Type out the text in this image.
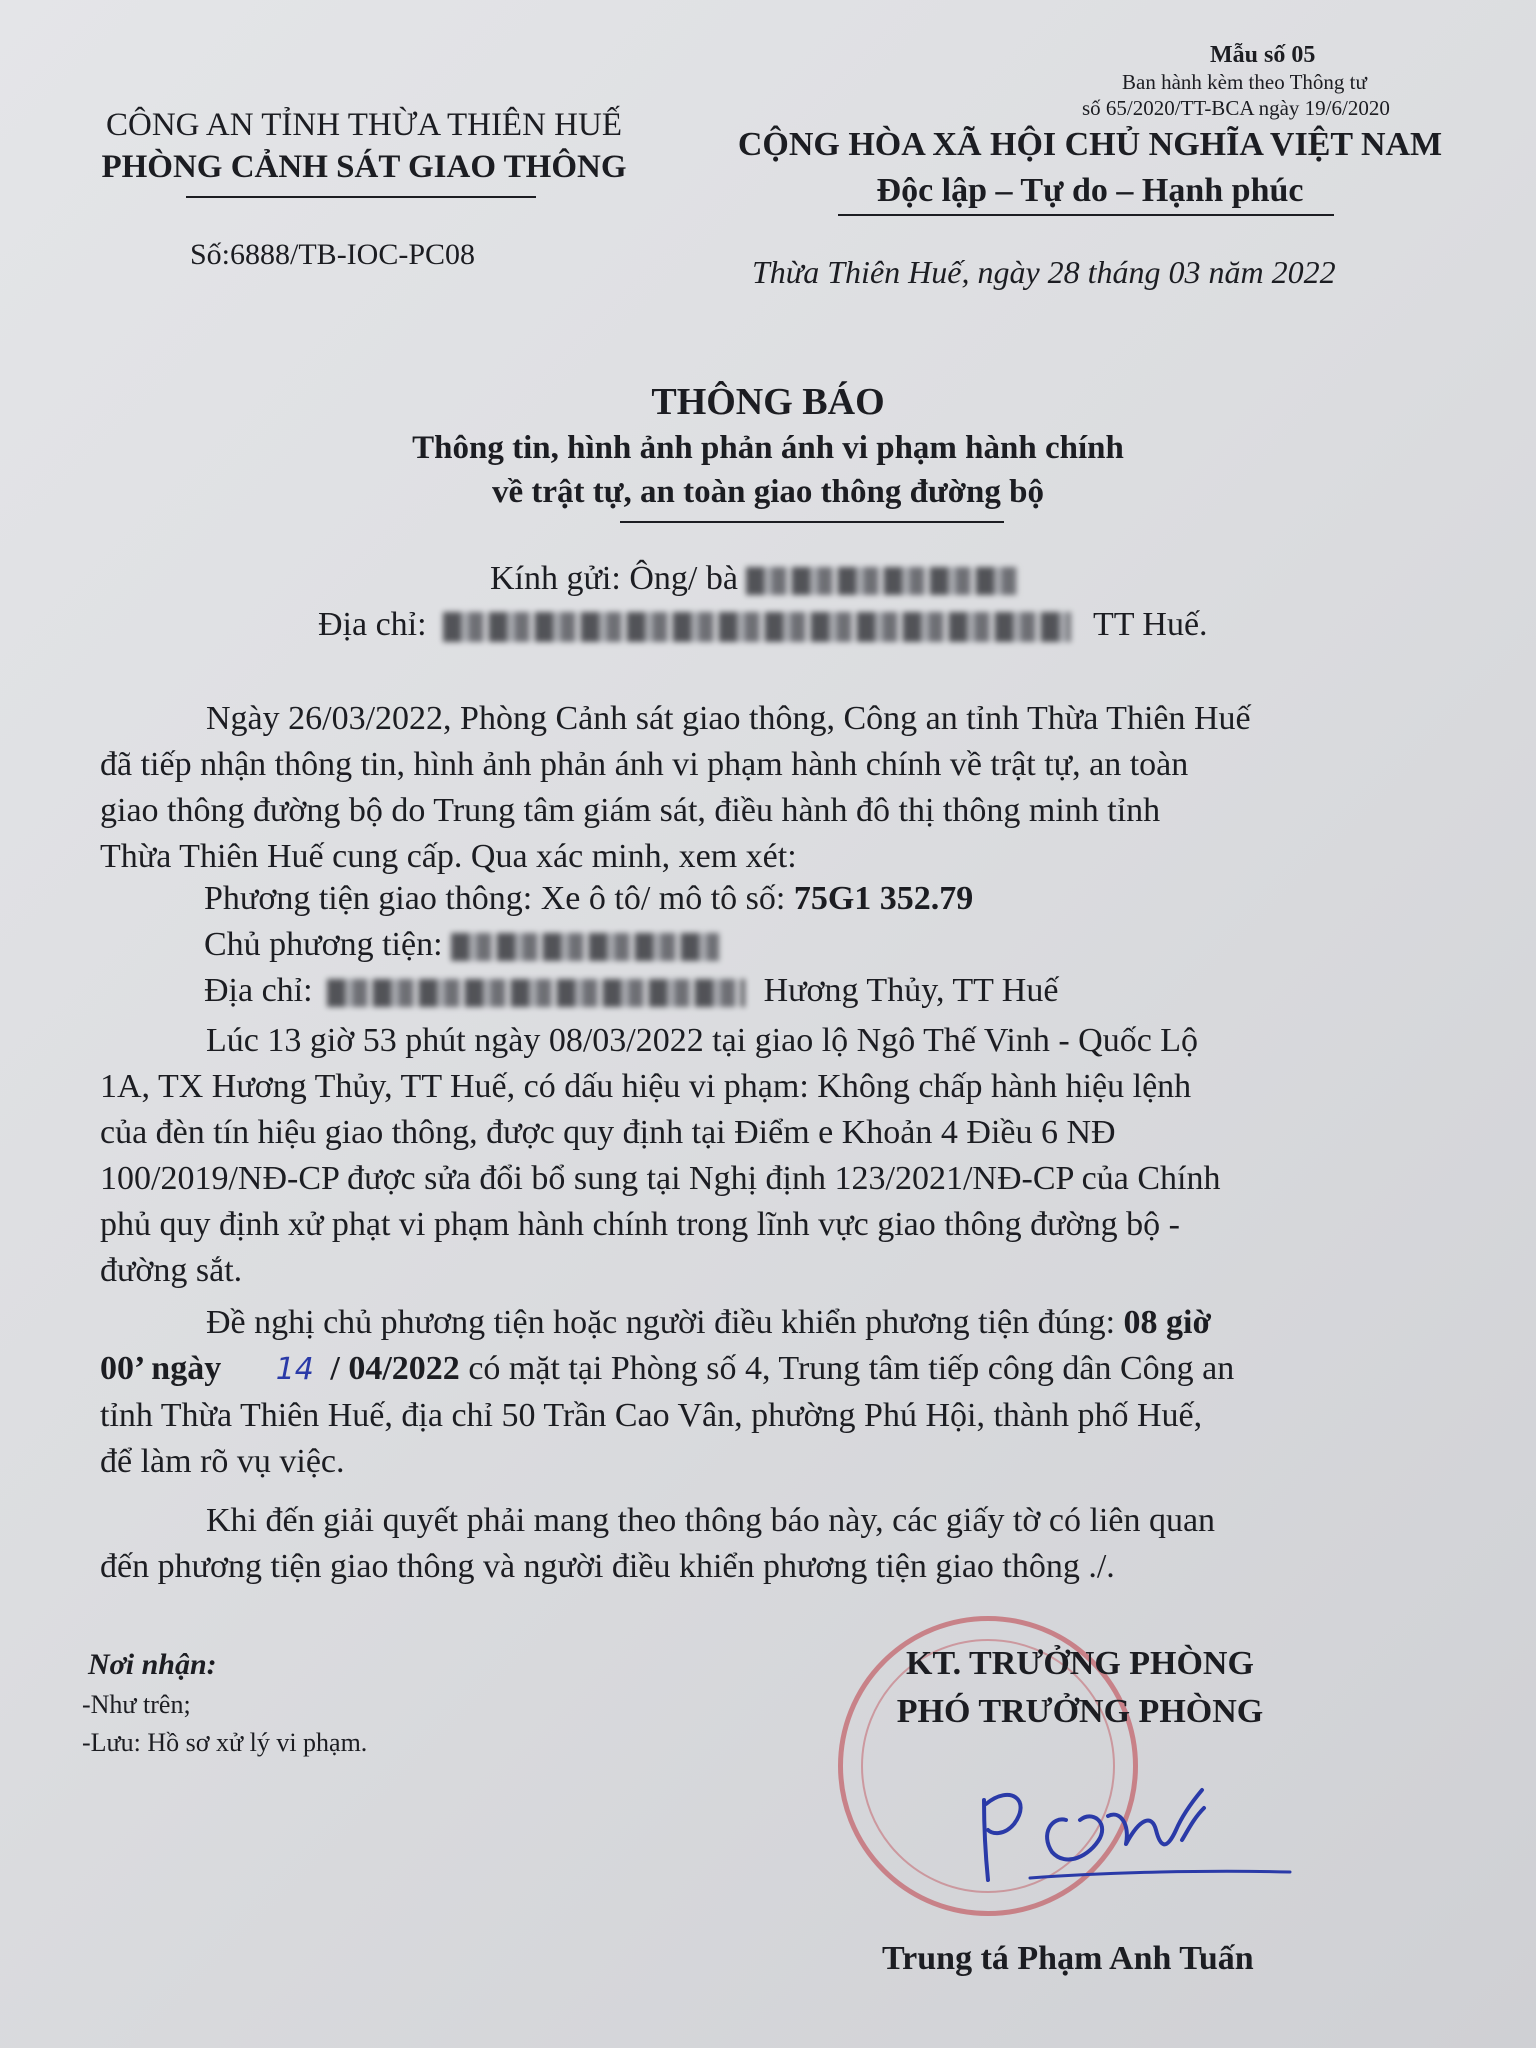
Mẫu số 05
Ban hành kèm theo Thông tư
số 65/2020/TT-BCA ngày 19/6/2020
CÔNG AN TỈNH THỪA THIÊN HUẾ
PHÒNG CẢNH SÁT GIAO THÔNG
Số:6888/TB-IOC-PC08
CỘNG HÒA XÃ HỘI CHỦ NGHĨA VIỆT NAM
Độc lập – Tự do – Hạnh phúc
Thừa Thiên Huế, ngày 28 tháng 03 năm 2022
THÔNG BÁO
Thông tin, hình ảnh phản ánh vi phạm hành chính
về trật tự, an toàn giao thông đường bộ
Kính gửi: Ông/ bà
Địa chỉ:	TT Huế.
Ngày 26/03/2022, Phòng Cảnh sát giao thông, Công an tỉnh Thừa Thiên Huế
đã tiếp nhận thông tin, hình ảnh phản ánh vi phạm hành chính về trật tự, an toàn
giao thông đường bộ do Trung tâm giám sát, điều hành đô thị thông minh tỉnh
Thừa Thiên Huế cung cấp. Qua xác minh, xem xét:
Phương tiện giao thông: Xe ô tô/ mô tô số: 75G1 352.79
Chủ phương tiện:
Địa chỉ:	Hương Thủy, TT Huế
Lúc 13 giờ 53 phút ngày 08/03/2022 tại giao lộ Ngô Thế Vinh - Quốc Lộ
1A, TX Hương Thủy, TT Huế, có dấu hiệu vi phạm: Không chấp hành hiệu lệnh
của đèn tín hiệu giao thông, được quy định tại Điểm e Khoản 4 Điều 6 NĐ
100/2019/NĐ-CP được sửa đổi bổ sung tại Nghị định 123/2021/NĐ-CP của Chính
phủ quy định xử phạt vi phạm hành chính trong lĩnh vực giao thông đường bộ -
đường sắt.
Đề nghị chủ phương tiện hoặc người điều khiển phương tiện đúng: 08 giờ
00’ ngày 14 / 04/2022 có mặt tại Phòng số 4, Trung tâm tiếp công dân Công an
tỉnh Thừa Thiên Huế, địa chỉ 50 Trần Cao Vân, phường Phú Hội, thành phố Huế,
để làm rõ vụ việc.
Khi đến giải quyết phải mang theo thông báo này, các giấy tờ có liên quan
đến phương tiện giao thông và người điều khiển phương tiện giao thông ./.
Nơi nhận:
-Như trên;
-Lưu: Hồ sơ xử lý vi phạm.
KT. TRƯỞNG PHÒNG
PHÓ TRƯỞNG PHÒNG
Trung tá Phạm Anh Tuấn
